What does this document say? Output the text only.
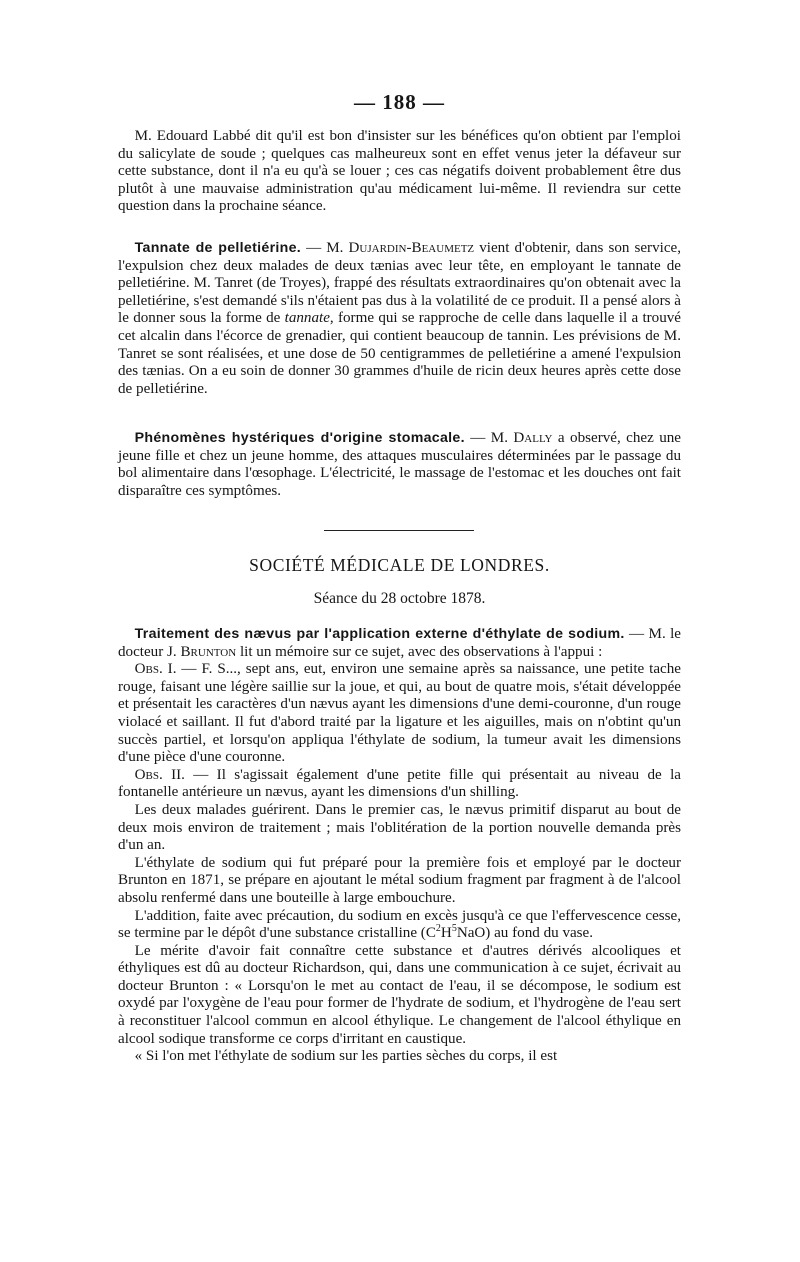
— 188 —

M. Edouard Labbé dit qu'il est bon d'insister sur les bénéfices qu'on obtient par l'emploi du salicylate de soude ; quelques cas malheureux sont en effet venus jeter la défaveur sur cette substance, dont il n'a eu qu'à se louer ; ces cas négatifs doivent probablement être dus plutôt à une mauvaise administration qu'au médicament lui-même. Il reviendra sur cette question dans la prochaine séance.

Tannate de pelletiérine. — M. Dujardin-Beaumetz vient d'obtenir, dans son service, l'expulsion chez deux malades de deux tænias avec leur tête, en employant le tannate de pelletiérine. M. Tanret (de Troyes), frappé des résultats extraordinaires qu'on obtenait avec la pelletiérine, s'est demandé s'ils n'étaient pas dus à la volatilité de ce produit. Il a pensé alors à le donner sous la forme de tannate, forme qui se rapproche de celle dans laquelle il a trouvé cet alcalin dans l'écorce de grenadier, qui contient beaucoup de tannin. Les prévisions de M. Tanret se sont réalisées, et une dose de 50 centigrammes de pelletiérine a amené l'expulsion des tænias. On a eu soin de donner 30 grammes d'huile de ricin deux heures après cette dose de pelletiérine.

Phénomènes hystériques d'origine stomacale. — M. Dally a observé, chez une jeune fille et chez un jeune homme, des attaques musculaires déterminées par le passage du bol alimentaire dans l'œsophage. L'électricité, le massage de l'estomac et les douches ont fait disparaître ces symptômes.

SOCIÉTÉ MÉDICALE DE LONDRES.
Séance du 28 octobre 1878.

Traitement des nævus par l'application externe d'éthylate de sodium. — M. le docteur J. Brunton lit un mémoire sur ce sujet, avec des observations à l'appui :

Obs. I. — F. S..., sept ans, eut, environ une semaine après sa naissance, une petite tache rouge, faisant une légère saillie sur la joue, et qui, au bout de quatre mois, s'était développée et présentait les caractères d'un nævus ayant les dimensions d'une demi-couronne, d'un rouge violacé et saillant. Il fut d'abord traité par la ligature et les aiguilles, mais on n'obtint qu'un succès partiel, et lorsqu'on appliqua l'éthylate de sodium, la tumeur avait les dimensions d'une pièce d'une couronne.

Obs. II. — Il s'agissait également d'une petite fille qui présentait au niveau de la fontanelle antérieure un nævus, ayant les dimensions d'un shilling.

Les deux malades guérirent. Dans le premier cas, le nævus primitif disparut au bout de deux mois environ de traitement ; mais l'oblitération de la portion nouvelle demanda près d'un an.

L'éthylate de sodium qui fut préparé pour la première fois et employé par le docteur Brunton en 1871, se prépare en ajoutant le métal sodium fragment par fragment à de l'alcool absolu renfermé dans une bouteille à large embouchure.

L'addition, faite avec précaution, du sodium en excès jusqu'à ce que l'effervescence cesse, se termine par le dépôt d'une substance cristalline $(C^2H^5NaO)$ au fond du vase.

Le mérite d'avoir fait connaître cette substance et d'autres dérivés alcooliques et éthyliques est dû au docteur Richardson, qui, dans une communication à ce sujet, écrivait au docteur Brunton : « Lorsqu'on le met au contact de l'eau, il se décompose, le sodium est oxydé par l'oxygène de l'eau pour former de l'hydrate de sodium, et l'hydrogène de l'eau sert à reconstituer l'alcool commun en alcool éthylique. Le changement de l'alcool éthylique en alcool sodique transforme ce corps d'irritant en caustique.

« Si l'on met l'éthylate de sodium sur les parties sèches du corps, il est
